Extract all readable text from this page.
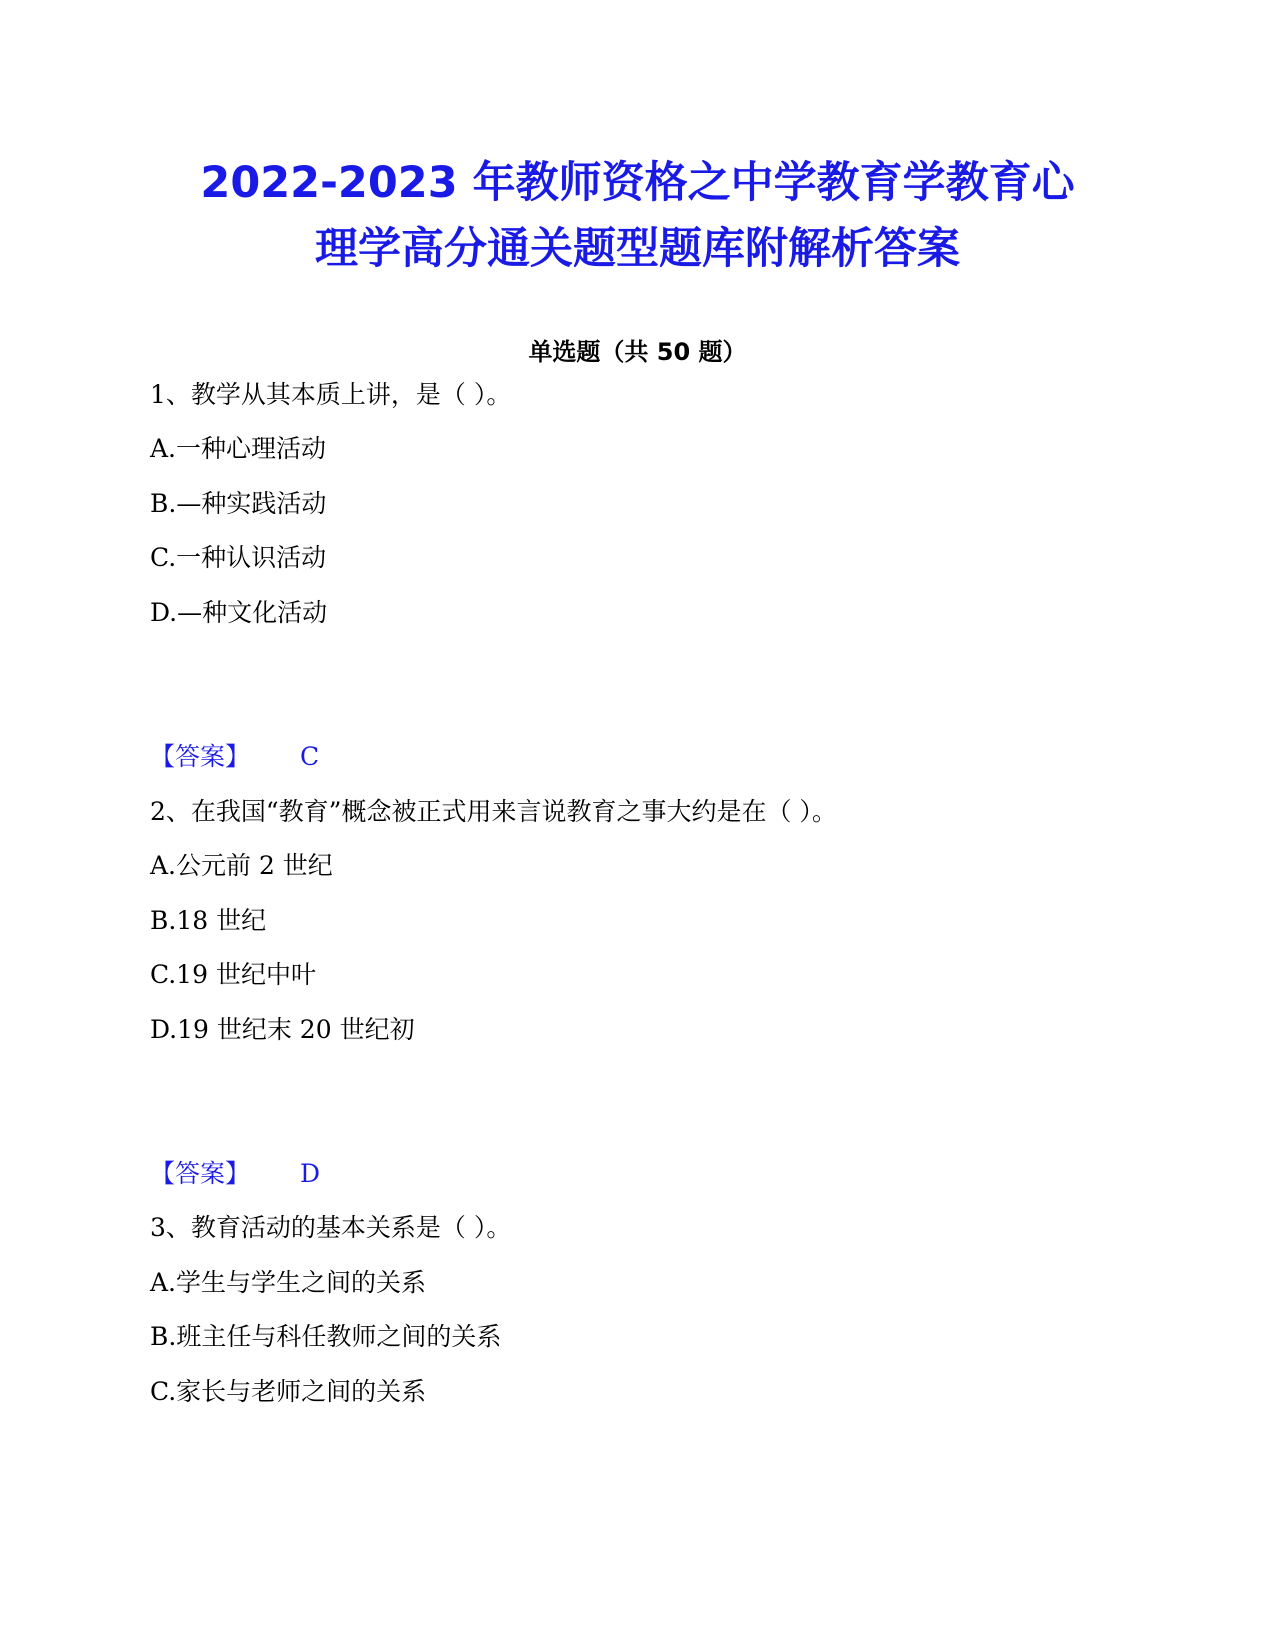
2022-2023 年教师资格之中学教育学教育心
理学高分通关题型题库附解析答案
单选题（共 50 题）
1、教学从其本质上讲，是（ ）。
A.一种心理活动
B.—种实践活动
C.一种认识活动
D.—种文化活动
【答案】 C
2、在我国“教育”概念被正式用来言说教育之事大约是在（ ）。
A.公元前 2 世纪
B.18 世纪
C.19 世纪中叶
D.19 世纪末 20 世纪初
【答案】 D
3、教育活动的基本关系是（ ）。
A.学生与学生之间的关系
B.班主任与科任教师之间的关系
C.家长与老师之间的关系
